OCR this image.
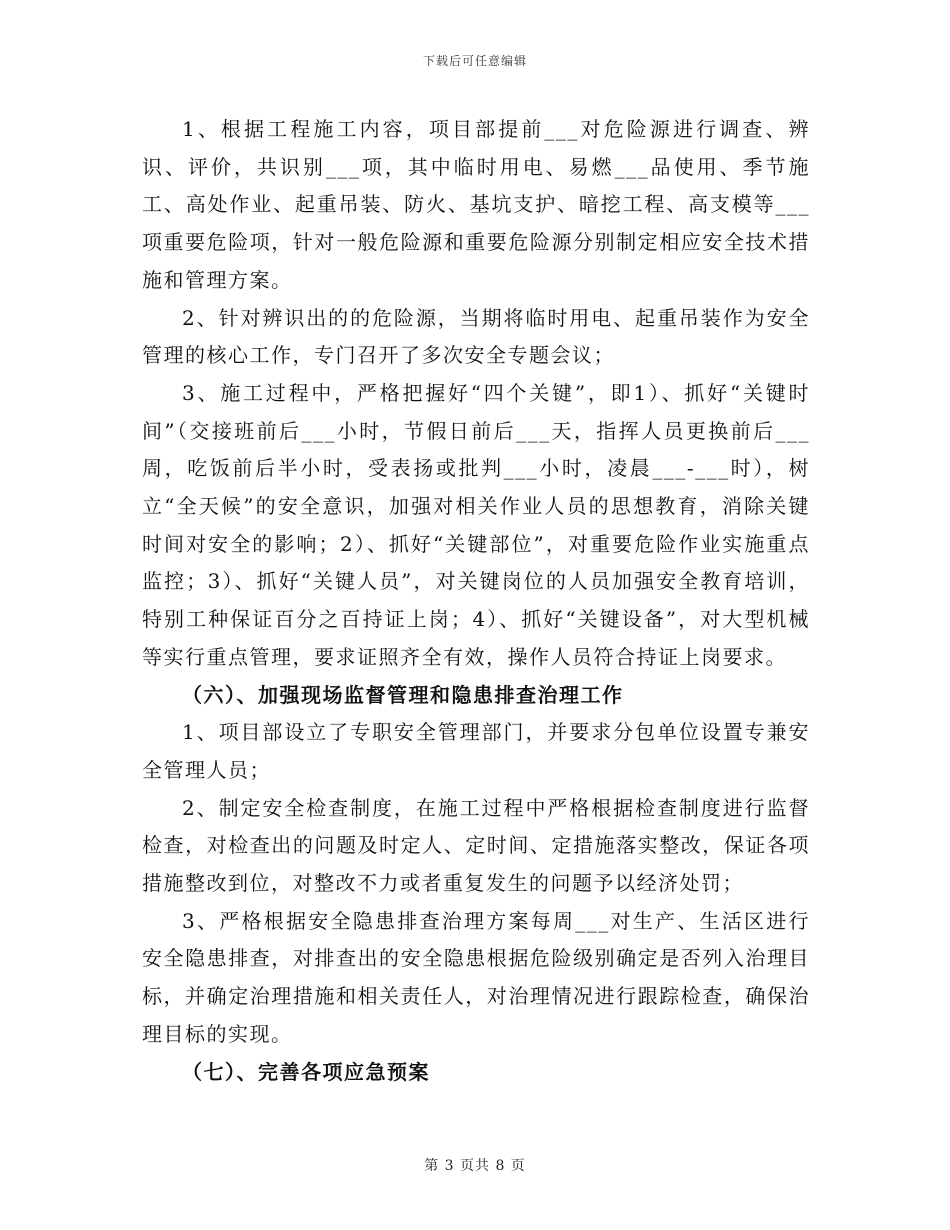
下载后可任意编辑

1、根据工程施工内容，项目部提前___对危险源进行调查、辨识、评价，共识别___项，其中临时用电、易燃___品使用、季节施工、高处作业、起重吊装、防火、基坑支护、暗挖工程、高支模等___项重要危险项，针对一般危险源和重要危险源分别制定相应安全技术措施和管理方案。

2、针对辨识出的的危险源，当期将临时用电、起重吊装作为安全管理的核心工作，专门召开了多次安全专题会议；

3、施工过程中，严格把握好“四个关键”，即1）、抓好“关键时间”（交接班前后___小时，节假日前后___天，指挥人员更换前后___周，吃饭前后半小时，受表扬或批判___小时，凌晨___-___时），树立“全天候”的安全意识，加强对相关作业人员的思想教育，消除关键时间对安全的影响；2）、抓好“关键部位”，对重要危险作业实施重点监控；3）、抓好“关键人员”，对关键岗位的人员加强安全教育培训，特别工种保证百分之百持证上岗；4）、抓好“关键设备”，对大型机械等实行重点管理，要求证照齐全有效，操作人员符合持证上岗要求。

（六）、加强现场监督管理和隐患排查治理工作

1、项目部设立了专职安全管理部门，并要求分包单位设置专兼安全管理人员；

2、制定安全检查制度，在施工过程中严格根据检查制度进行监督检查，对检查出的问题及时定人、定时间、定措施落实整改，保证各项措施整改到位，对整改不力或者重复发生的问题予以经济处罚；

3、严格根据安全隐患排查治理方案每周___对生产、生活区进行安全隐患排查，对排查出的安全隐患根据危险级别确定是否列入治理目标，并确定治理措施和相关责任人，对治理情况进行跟踪检查，确保治理目标的实现。

（七）、完善各项应急预案
第 3 页共 8 页
